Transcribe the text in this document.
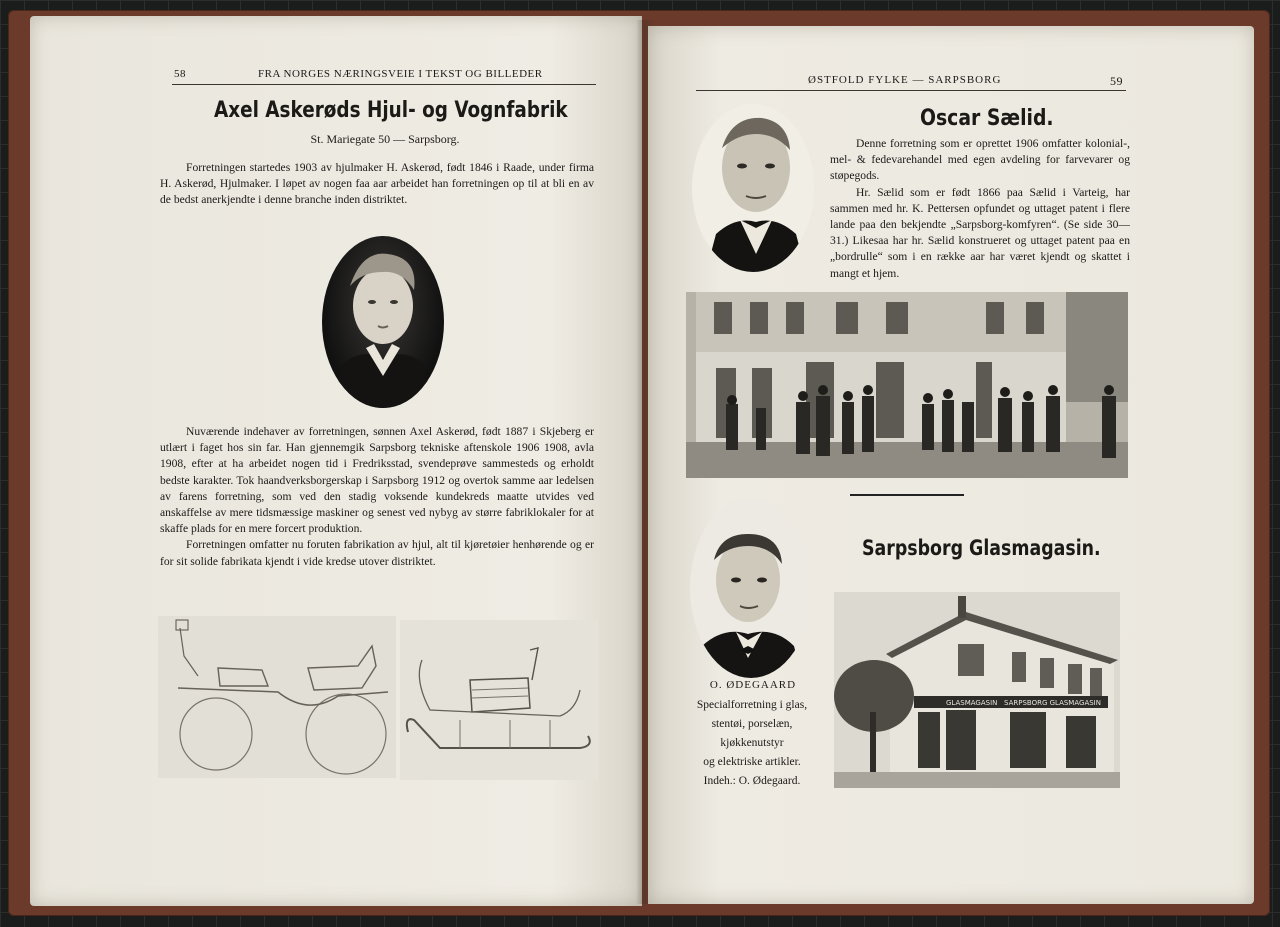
58	FRA NORGES NÆRINGSVEIE I TEKST OG BILLEDER
Axel Askerøds Hjul- og Vognfabrik
St. Mariegate 50 — Sarpsborg.

Forretningen startedes 1903 av hjulmaker H. Askerød, født 1846 i Raade, under firma H. Askerød, Hjulmaker. I løpet av nogen faa aar arbeidet han forretningen op til at bli en av de bedst anerkjendte i denne branche inden distriktet.

Nuværende indehaver av forretningen, sønnen Axel Askerød, født 1887 i Skjeberg er utlært i faget hos sin far. Han gjennemgik Sarpsborg tekniske aftenskole 1906 1908, avla 1908, efter at ha arbeidet nogen tid i Fredriksstad, svendeprøve sammesteds og erholdt bedste karakter. Tok haandverksborgerskap i Sarpsborg 1912 og overtok samme aar ledelsen av farens forretning, som ved den stadig voksende kundekreds maatte utvides ved anskaffelse av mere tidsmæssige maskiner og senest ved nybyg av større fabriklokaler for at skaffe plads for en mere forcert produktion.

Forretningen omfatter nu foruten fabrikation av hjul, alt til kjøretøier henhørende og er for sit solide fabrikata kjendt i vide kredse utover distriktet.

ØSTFOLD FYLKE — SARPSBORG	59
Oscar Sælid.

Denne forretning som er oprettet 1906 omfatter kolonial-, mel- & fedevarehandel med egen avdeling for farvevarer og støpegods.

Hr. Sælid som er født 1866 paa Sælid i Varteig, har sammen med hr. K. Pettersen opfundet og uttaget patent i flere lande paa den bekjendte „Sarpsborg-komfyren“. (Se side 30—31.) Likesaa har hr. Sælid konstrueret og uttaget patent paa en „bordrulle“ som i en række aar har været kjendt og skattet i mangt et hjem.

O. ØDEGAARD
Specialforretning i glas,
stentøi, porselæn,
kjøkkenutstyr
og elektriske artikler.
Indeh.: O. Ødegaard.
Sarpsborg Glasmagasin.
GLASMAGASIN SARPSBORG GLASMAGASIN
